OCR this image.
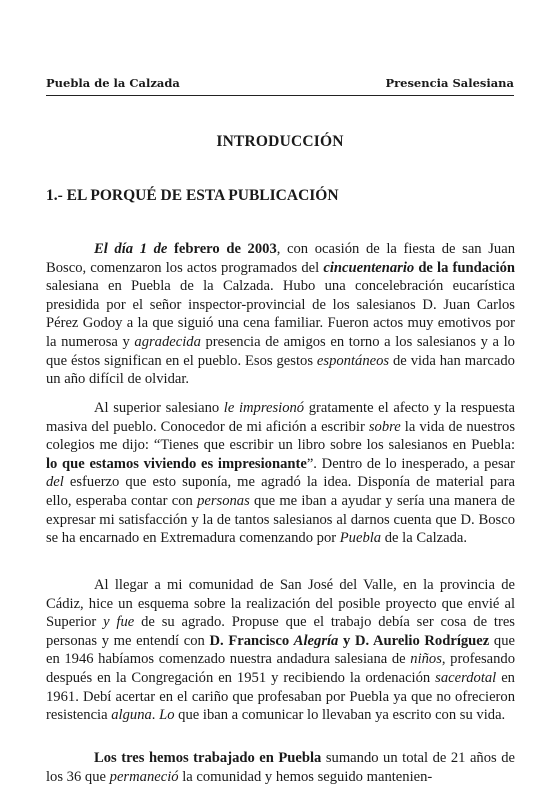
Puebla de la Calzada	Presencia Salesiana
INTRODUCCIÓN
1.- EL PORQUÉ DE ESTA PUBLICACIÓN

El día 1 de febrero de 2003, con ocasión de la fiesta de san Juan Bosco, comenzaron los actos programados del cincuentenario de la fundación salesiana en Puebla de la Calzada. Hubo una concelebración eucarística presidida por el señor inspector-provincial de los salesianos D. Juan Carlos Pérez Godoy a la que siguió una cena familiar. Fueron actos muy emotivos por la numerosa y agradecida presencia de amigos en torno a los salesianos y a lo que éstos significan en el pueblo. Esos gestos espontáneos de vida han marcado un año difícil de olvidar.

Al superior salesiano le impresionó gratamente el afecto y la respuesta masiva del pueblo. Conocedor de mi afición a escribir sobre la vida de nuestros colegios me dijo: “Tienes que escribir un libro sobre los salesianos en Puebla: lo que estamos viviendo es impresionante”. Dentro de lo inesperado, a pesar del esfuerzo que esto suponía, me agradó la idea. Disponía de material para ello, esperaba contar con personas que me iban a ayudar y sería una manera de expresar mi satisfacción y la de tantos salesianos al darnos cuenta que D. Bosco se ha encarnado en Extremadura comenzando por Puebla de la Calzada.

Al llegar a mi comunidad de San José del Valle, en la provincia de Cádiz, hice un esquema sobre la realización del posible proyecto que envié al Superior y fue de su agrado. Propuse que el trabajo debía ser cosa de tres personas y me entendí con D. Francisco Alegría y D. Aurelio Rodríguez que en 1946 habíamos comenzado nuestra andadura salesiana de niños, profesando después en la Congregación en 1951 y recibiendo la ordenación sacerdotal en 1961. Debí acertar en el cariño que profesaban por Puebla ya que no ofrecieron resistencia alguna. Lo que iban a comunicar lo llevaban ya escrito con su vida.

Los tres hemos trabajado en Puebla sumando un total de 21 años de los 36 que permaneció la comunidad y hemos seguido mantenien-
